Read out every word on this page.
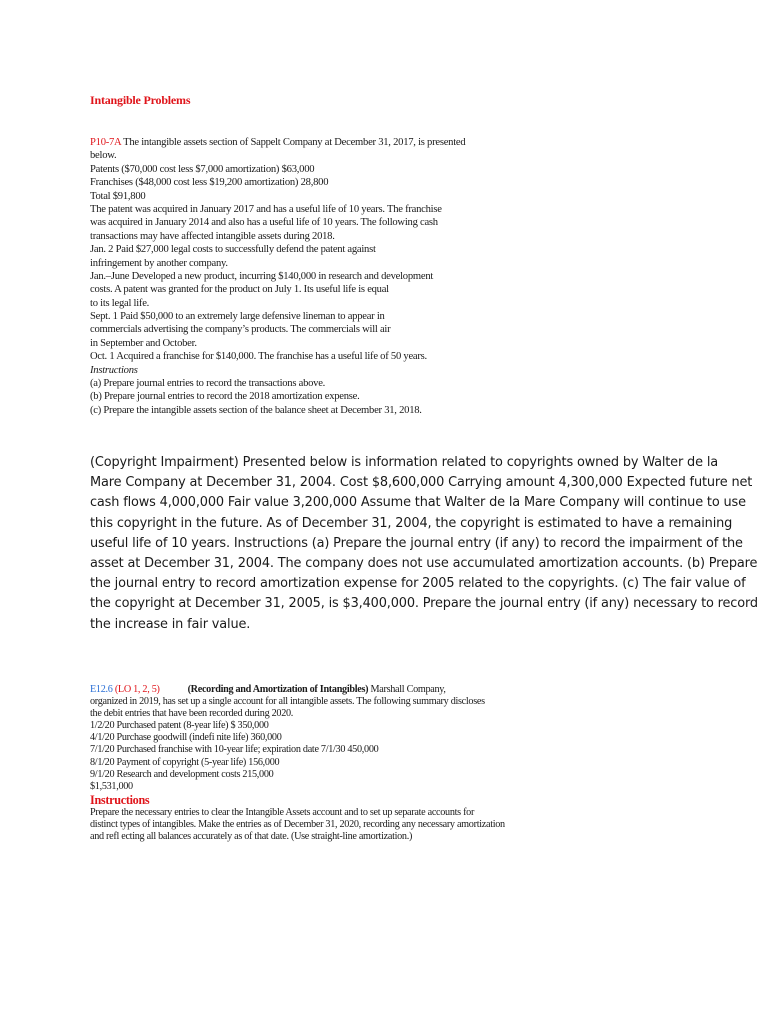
Intangible Problems
P10-7A The intangible assets section of Sappelt Company at December 31, 2017, is presented
below.
Patents ($70,000 cost less $7,000 amortization) $63,000
Franchises ($48,000 cost less $19,200 amortization) 28,800
Total $91,800
The patent was acquired in January 2017 and has a useful life of 10 years. The franchise
was acquired in January 2014 and also has a useful life of 10 years. The following cash
transactions may have affected intangible assets during 2018.
Jan. 2 Paid $27,000 legal costs to successfully defend the patent against
infringement by another company.
Jan.–June Developed a new product, incurring $140,000 in research and development
costs. A patent was granted for the product on July 1. Its useful life is equal
to its legal life.
Sept. 1 Paid $50,000 to an extremely large defensive lineman to appear in
commercials advertising the company’s products. The commercials will air
in September and October.
Oct. 1 Acquired a franchise for $140,000. The franchise has a useful life of 50 years.
Instructions
(a) Prepare journal entries to record the transactions above.
(b) Prepare journal entries to record the 2018 amortization expense.
(c) Prepare the intangible assets section of the balance sheet at December 31, 2018.
(Copyright Impairment) Presented below is information related to copyrights owned by Walter de la
Mare Company at December 31, 2004. Cost $8,600,000 Carrying amount 4,300,000 Expected future net
cash flows 4,000,000 Fair value 3,200,000 Assume that Walter de la Mare Company will continue to use
this copyright in the future. As of December 31, 2004, the copyright is estimated to have a remaining
useful life of 10 years. Instructions (a) Prepare the journal entry (if any) to record the impairment of the
asset at December 31, 2004. The company does not use accumulated amortization accounts. (b) Prepare
the journal entry to record amortization expense for 2005 related to the copyrights. (c) The fair value of
the copyright at December 31, 2005, is $3,400,000. Prepare the journal entry (if any) necessary to record
the increase in fair value.
E12.6 (LO 1, 2, 5)	(Recording and Amortization of Intangibles) Marshall Company,
organized in 2019, has set up a single account for all intangible assets. The following summary discloses
the debit entries that have been recorded during 2020.
1/2/20 Purchased patent (8-year life) $ 350,000
4/1/20 Purchase goodwill (indefi nite life) 360,000
7/1/20 Purchased franchise with 10-year life; expiration date 7/1/30 450,000
8/1/20 Payment of copyright (5-year life) 156,000
9/1/20 Research and development costs 215,000
$1,531,000
Instructions
Prepare the necessary entries to clear the Intangible Assets account and to set up separate accounts for
distinct types of intangibles. Make the entries as of December 31, 2020, recording any necessary amortization
and refl ecting all balances accurately as of that date. (Use straight-line amortization.)
